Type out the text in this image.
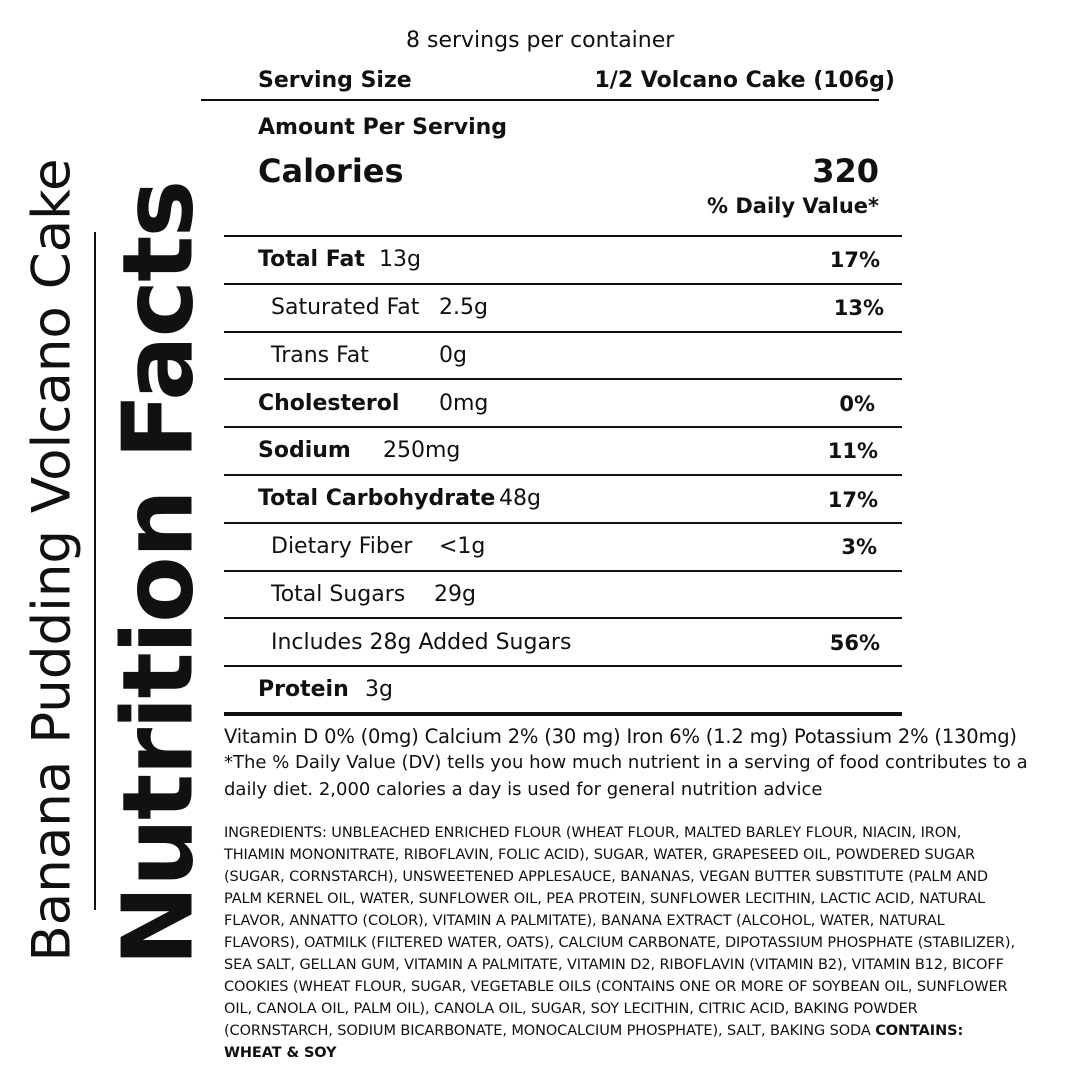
Banana Pudding Volcano Cake Nutrition Facts
8 servings per container
Serving Size	1/2 Volcano Cake (106g)
Amount Per Serving
Calories	320
% Daily Value*
Total Fat 13g	17%
Saturated Fat 2.5g	13%
Trans Fat	0g
Cholesterol 0mg	0%
Sodium 250mg	11%
Total Carbohydrate 48g	17%
Dietary Fiber <1g	3%
Total Sugars 29g
Includes 28g Added Sugars	56%
Protein 3g
Vitamin D 0% (0mg) Calcium 2% (30 mg) Iron 6% (1.2 mg) Potassium 2% (130mg)
*The % Daily Value (DV) tells you how much nutrient in a serving of food contributes to a
daily diet. 2,000 calories a day is used for general nutrition advice
INGREDIENTS: UNBLEACHED ENRICHED FLOUR (WHEAT FLOUR, MALTED BARLEY FLOUR, NIACIN, IRON, THIAMIN MONONITRATE, RIBOFLAVIN, FOLIC ACID), SUGAR, WATER, GRAPESEED OIL, POWDERED SUGAR (SUGAR, CORNSTARCH), UNSWEETENED APPLESAUCE, BANANAS, VEGAN BUTTER SUBSTITUTE (PALM AND PALM KERNEL OIL, WATER, SUNFLOWER OIL, PEA PROTEIN, SUNFLOWER LECITHIN, LACTIC ACID, NATURAL FLAVOR, ANNATTO (COLOR), VITAMIN A PALMITATE), BANANA EXTRACT (ALCOHOL, WATER, NATURAL FLAVORS), OATMILK (FILTERED WATER, OATS), CALCIUM CARBONATE, DIPOTASSIUM PHOSPHATE (STABILIZER), SEA SALT, GELLAN GUM, VITAMIN A PALMITATE, VITAMIN D2, RIBOFLAVIN (VITAMIN B2), VITAMIN B12, BICOFF COOKIES (WHEAT FLOUR, SUGAR, VEGETABLE OILS (CONTAINS ONE OR MORE OF SOYBEAN OIL, SUNFLOWER OIL, CANOLA OIL, PALM OIL), CANOLA OIL, SUGAR, SOY LECITHIN, CITRIC ACID, BAKING POWDER (CORNSTARCH, SODIUM BICARBONATE, MONOCALCIUM PHOSPHATE), SALT, BAKING SODA CONTAINS: WHEAT & SOY
